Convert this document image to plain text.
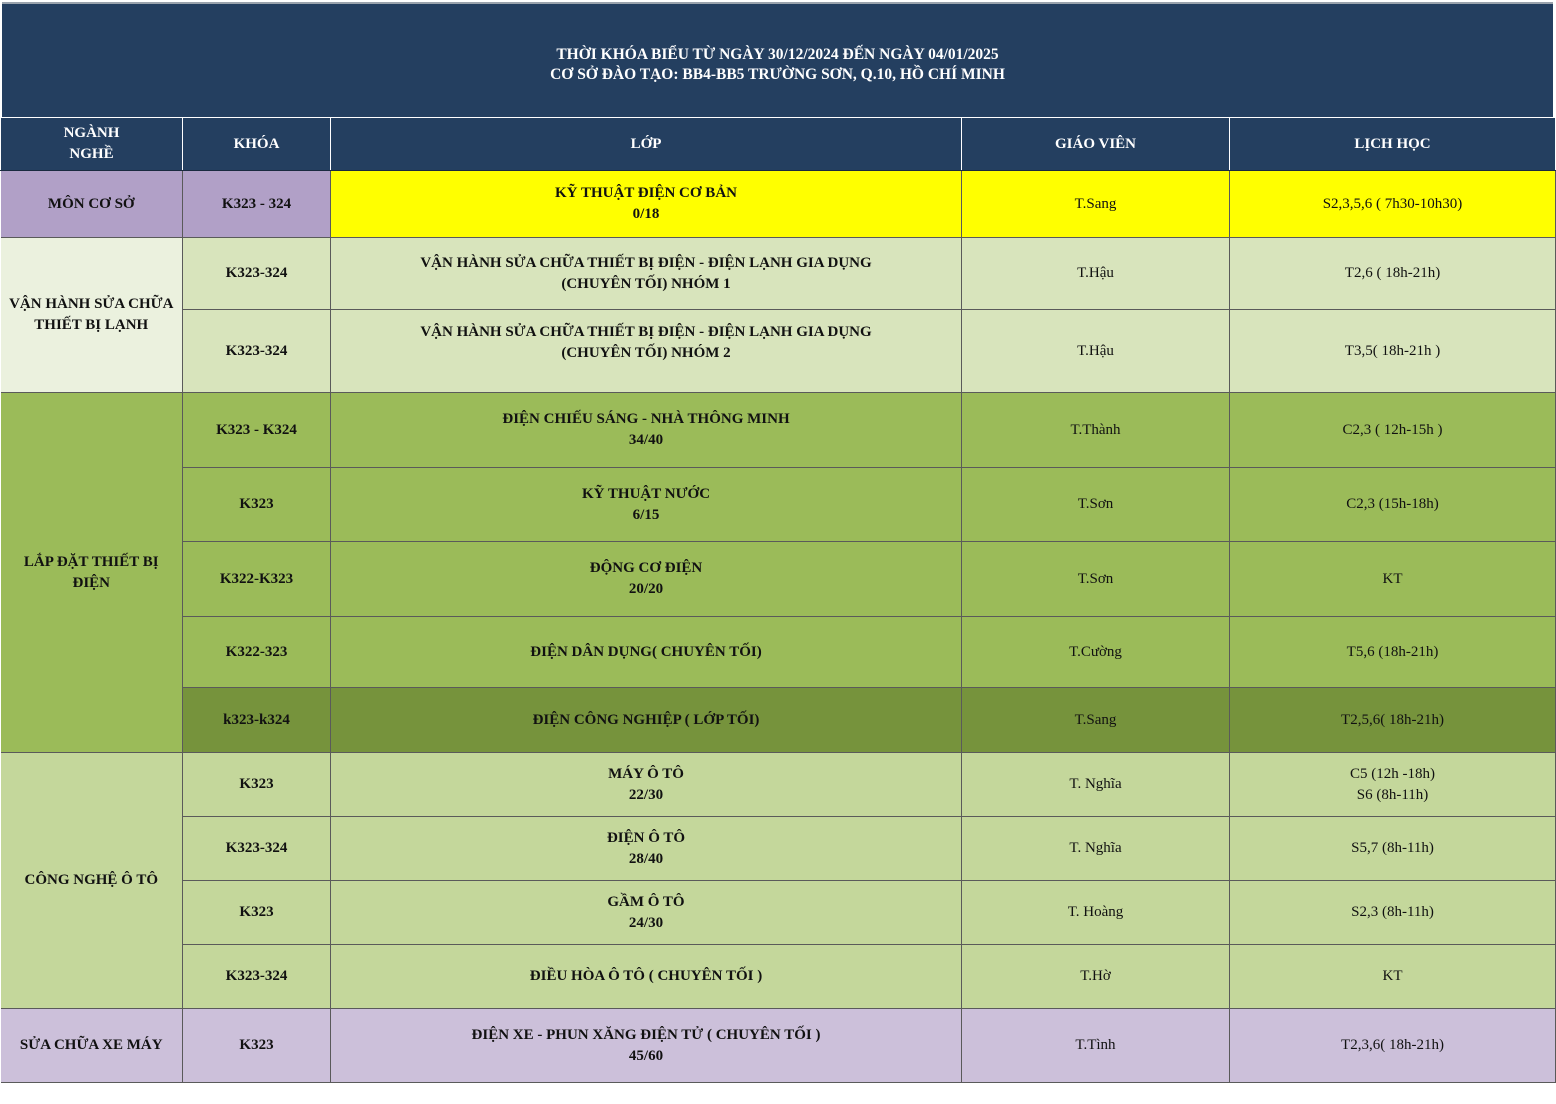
THỜI KHÓA BIỂU TỪ NGÀY 30/12/2024 ĐẾN NGÀY 04/01/2025
CƠ SỞ ĐÀO TẠO: BB4-BB5 TRƯỜNG SƠN, Q.10, HỒ CHÍ MINH
NGÀNH
NGHỀ	KHÓA	LỚP	GIÁO VIÊN	LỊCH HỌC
MÔN CƠ SỞ	K323 - 324	KỸ THUẬT ĐIỆN CƠ BẢN
0/18	T.Sang	S2,3,5,6 ( 7h30-10h30)
VẬN HÀNH SỬA CHỮA THIẾT BỊ LẠNH	K323-324	VẬN HÀNH SỬA CHỮA THIẾT BỊ ĐIỆN - ĐIỆN LẠNH GIA DỤNG
(CHUYÊN TỐI) NHÓM 1	T.Hậu	T2,6 ( 18h-21h)
	K323-324	VẬN HÀNH SỬA CHỮA THIẾT BỊ ĐIỆN - ĐIỆN LẠNH GIA DỤNG
(CHUYÊN TỐI) NHÓM 2	T.Hậu	T3,5( 18h-21h )
LẮP ĐẶT THIẾT BỊ ĐIỆN	K323 - K324	ĐIỆN CHIẾU SÁNG - NHÀ THÔNG MINH
34/40	T.Thành	C2,3 ( 12h-15h )
	K323	KỸ THUẬT NƯỚC
6/15	T.Sơn	C2,3 (15h-18h)
	K322-K323	ĐỘNG CƠ ĐIỆN
20/20	T.Sơn	KT
	K322-323	ĐIỆN DÂN DỤNG( CHUYÊN TỐI)	T.Cường	T5,6 (18h-21h)
	k323-k324	ĐIỆN CÔNG NGHIỆP ( LỚP TỐI)	T.Sang	T2,5,6( 18h-21h)
CÔNG NGHỆ Ô TÔ	K323	MÁY Ô TÔ
22/30	T. Nghĩa	C5 (12h -18h)
S6 (8h-11h)

	K323-324	ĐIỆN Ô TÔ
28/40	T. Nghĩa	S5,7 (8h-11h)
	K323	GẦM Ô TÔ
24/30	T. Hoàng	S2,3 (8h-11h)
	K323-324	ĐIỀU HÒA Ô TÔ ( CHUYÊN TỐI )	T.Hờ	KT
SỬA CHỮA XE MÁY	K323	ĐIỆN XE - PHUN XĂNG ĐIỆN TỬ ( CHUYÊN TỐI )
45/60	T.Tình	T2,3,6( 18h-21h)
